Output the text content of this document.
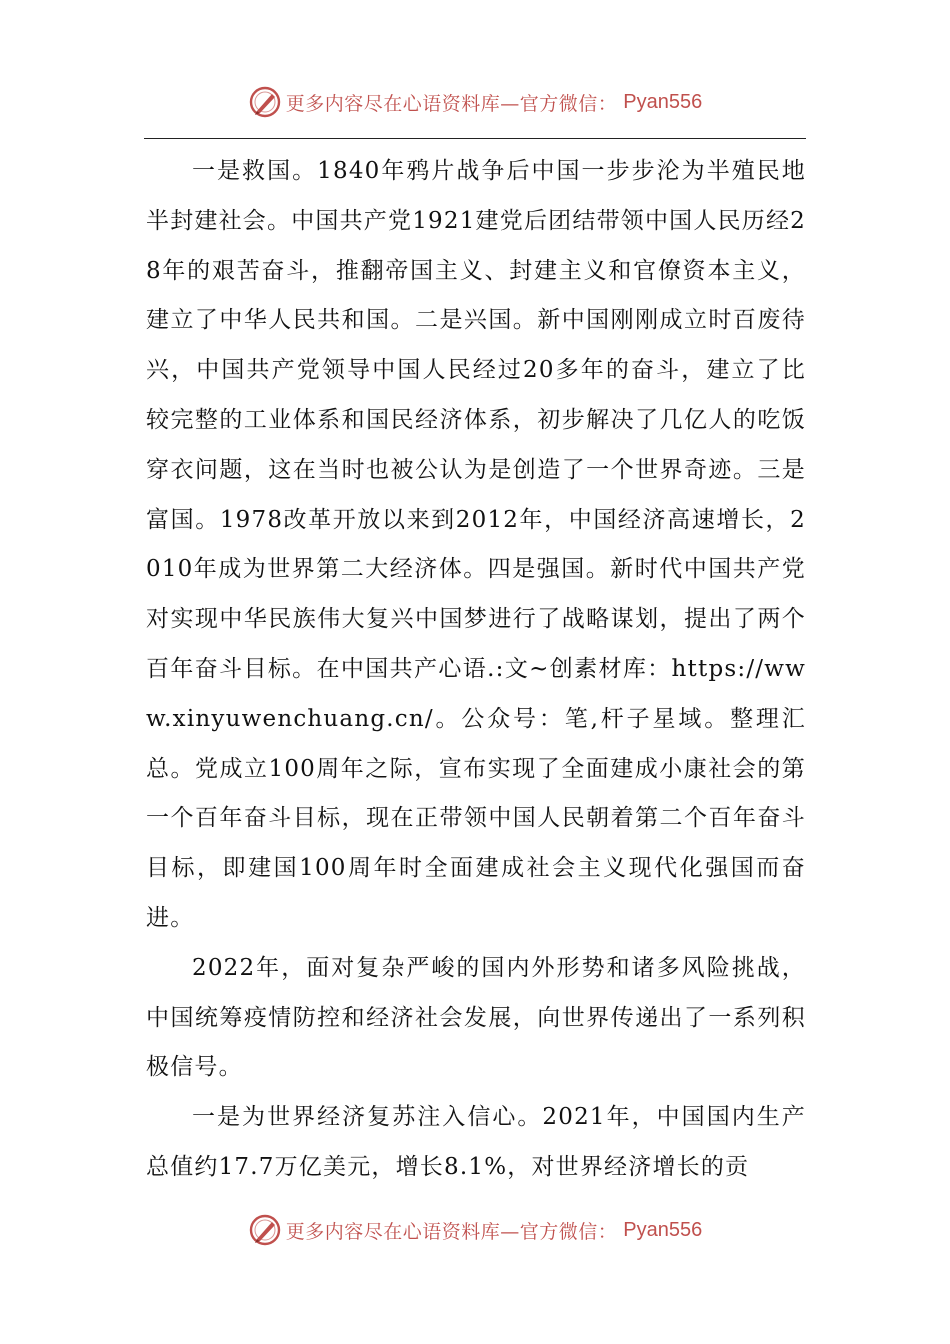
更多内容尽在心语资料库—官方微信： Pyan556

一是救国。1840年鸦片战争后中国一步步沦为半殖民地半封建社会。中国共产党1921建党后团结带领中国人民历经28年的艰苦奋斗，推翻帝国主义、封建主义和官僚资本主义，建立了中华人民共和国。二是兴国。新中国刚刚成立时百废待兴，中国共产党领导中国人民经过20多年的奋斗，建立了比较完整的工业体系和国民经济体系，初步解决了几亿人的吃饭穿衣问题，这在当时也被公认为是创造了一个世界奇迹。三是富国。1978改革开放以来到2012年，中国经济高速增长，2010年成为世界第二大经济体。四是强国。新时代中国共产党对实现中华民族伟大复兴中国梦进行了战略谋划，提出了两个百年奋斗目标。在中国共产心语.:文~创素材库：https://www.xinyuwenchuang.cn/。公众号：笔,杆子星域。整理汇总。党成立100周年之际，宣布实现了全面建成小康社会的第一个百年奋斗目标，现在正带领中国人民朝着第二个百年奋斗目标，即建国100周年时全面建成社会主义现代化强国而奋进。

2022年，面对复杂严峻的国内外形势和诸多风险挑战，中国统筹疫情防控和经济社会发展，向世界传递出了一系列积极信号。

一是为世界经济复苏注入信心。2021年，中国国内生产总值约17.7万亿美元，增长8.1%，对世界经济增长的贡

更多内容尽在心语资料库—官方微信： Pyan556
